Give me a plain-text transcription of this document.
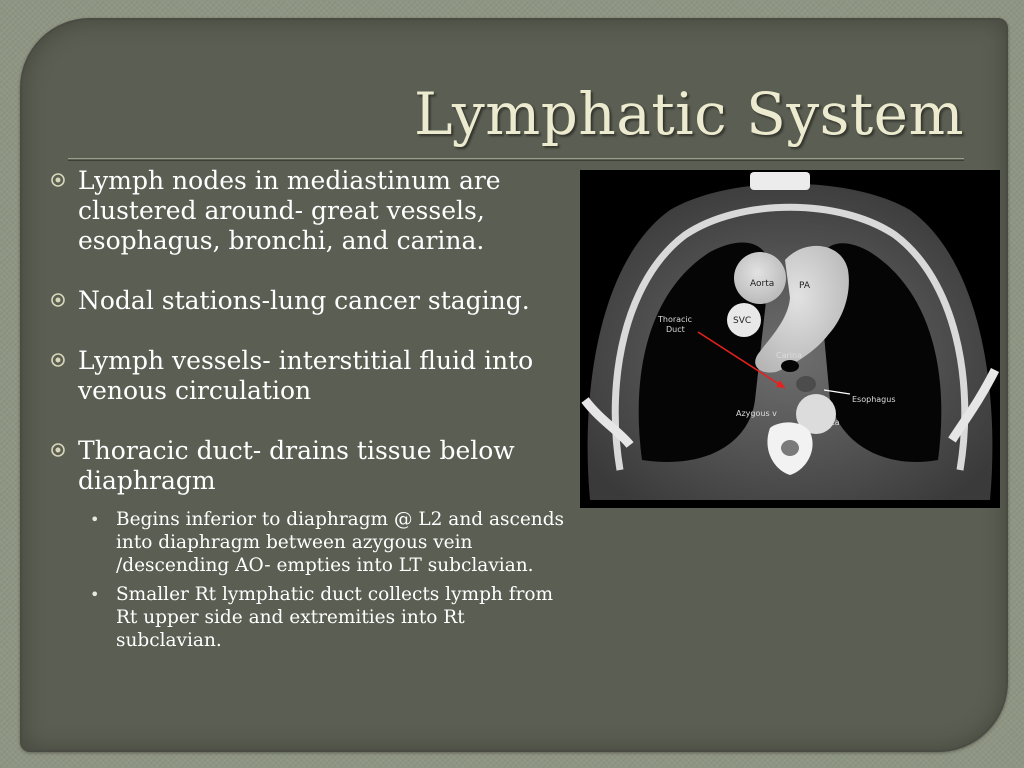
Lymphatic System
Lymph nodes in mediastinum are clustered around- great vessels, esophagus, bronchi, and carina.
Nodal stations-lung cancer staging.
Lymph vessels- interstitial fluid into venous circulation
Thoracic duct- drains tissue below diaphragm
• Begins inferior to diaphragm @ L2 and ascends into diaphragm between azygous vein /descending AO- empties into LT subclavian.
• Smaller Rt lymphatic duct collects lymph from Rt upper side and extremities into Rt subclavian.
Aorta	PA
SVC
Thoracic Duct
Carina
Esophagus
Azygous v
Aorta
